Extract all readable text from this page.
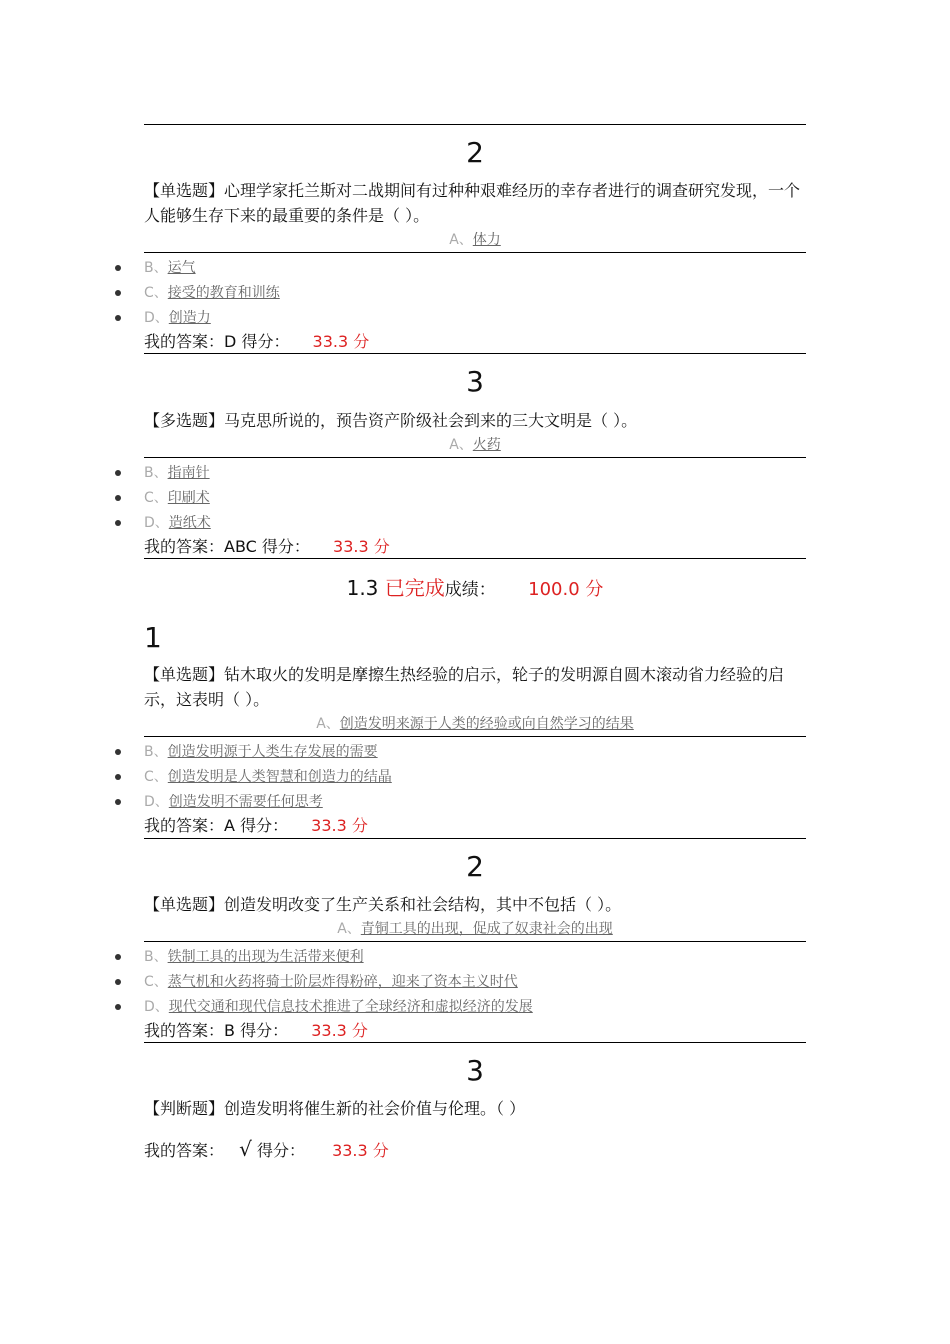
2
【单选题】心理学家托兰斯对二战期间有过种种艰难经历的幸存者进行的调查研究发现，一个人能够生存下来的最重要的条件是（ ）。
A、体力
B、运气
C、接受的教育和训练
D、创造力
我的答案：D 得分： 33.3 分
3
【多选题】马克思所说的，预告资产阶级社会到来的三大文明是（ ）。
A、火药
B、指南针
C、印刷术
D、造纸术
我的答案：ABC 得分： 33.3 分
1.3 已完成成绩： 100.0 分
1
【单选题】钻木取火的发明是摩擦生热经验的启示，轮子的发明源自圆木滚动省力经验的启示，这表明（ ）。
A、创造发明来源于人类的经验或向自然学习的结果
B、创造发明源于人类生存发展的需要
C、创造发明是人类智慧和创造力的结晶
D、创造发明不需要任何思考
我的答案：A 得分： 33.3 分
2
【单选题】创造发明改变了生产关系和社会结构，其中不包括（ ）。
A、青铜工具的出现，促成了奴隶社会的出现
B、铁制工具的出现为生活带来便利
C、蒸气机和火药将骑士阶层炸得粉碎，迎来了资本主义时代
D、现代交通和现代信息技术推进了全球经济和虚拟经济的发展
我的答案：B 得分： 33.3 分
3
【判断题】创造发明将催生新的社会价值与伦理。（ ）
我的答案： √ 得分： 33.3 分
